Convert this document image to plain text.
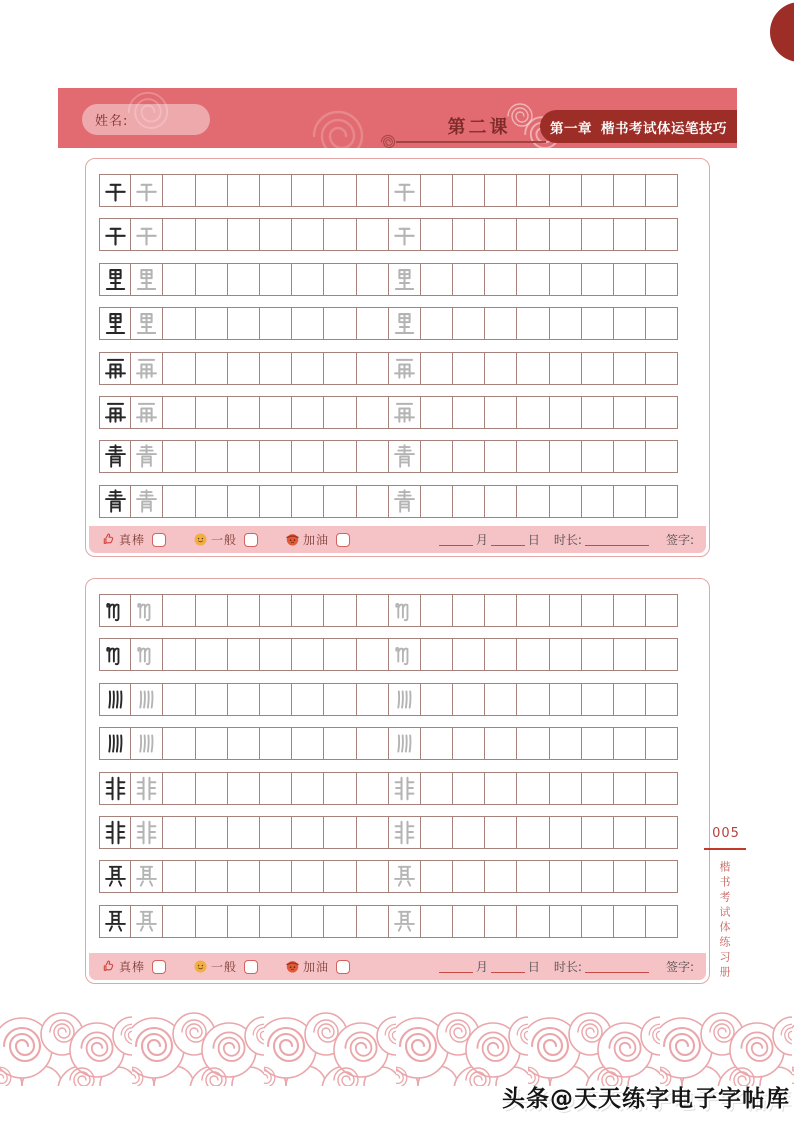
姓名:	第二课	第一章 楷书考试体运笔技巧
真棒	一般	加油	月	日 时长:	签字:
真棒	一般	加油	月	日 时长:	签字:
005
楷书考试体练习册
头条@天天练字电子字帖库
